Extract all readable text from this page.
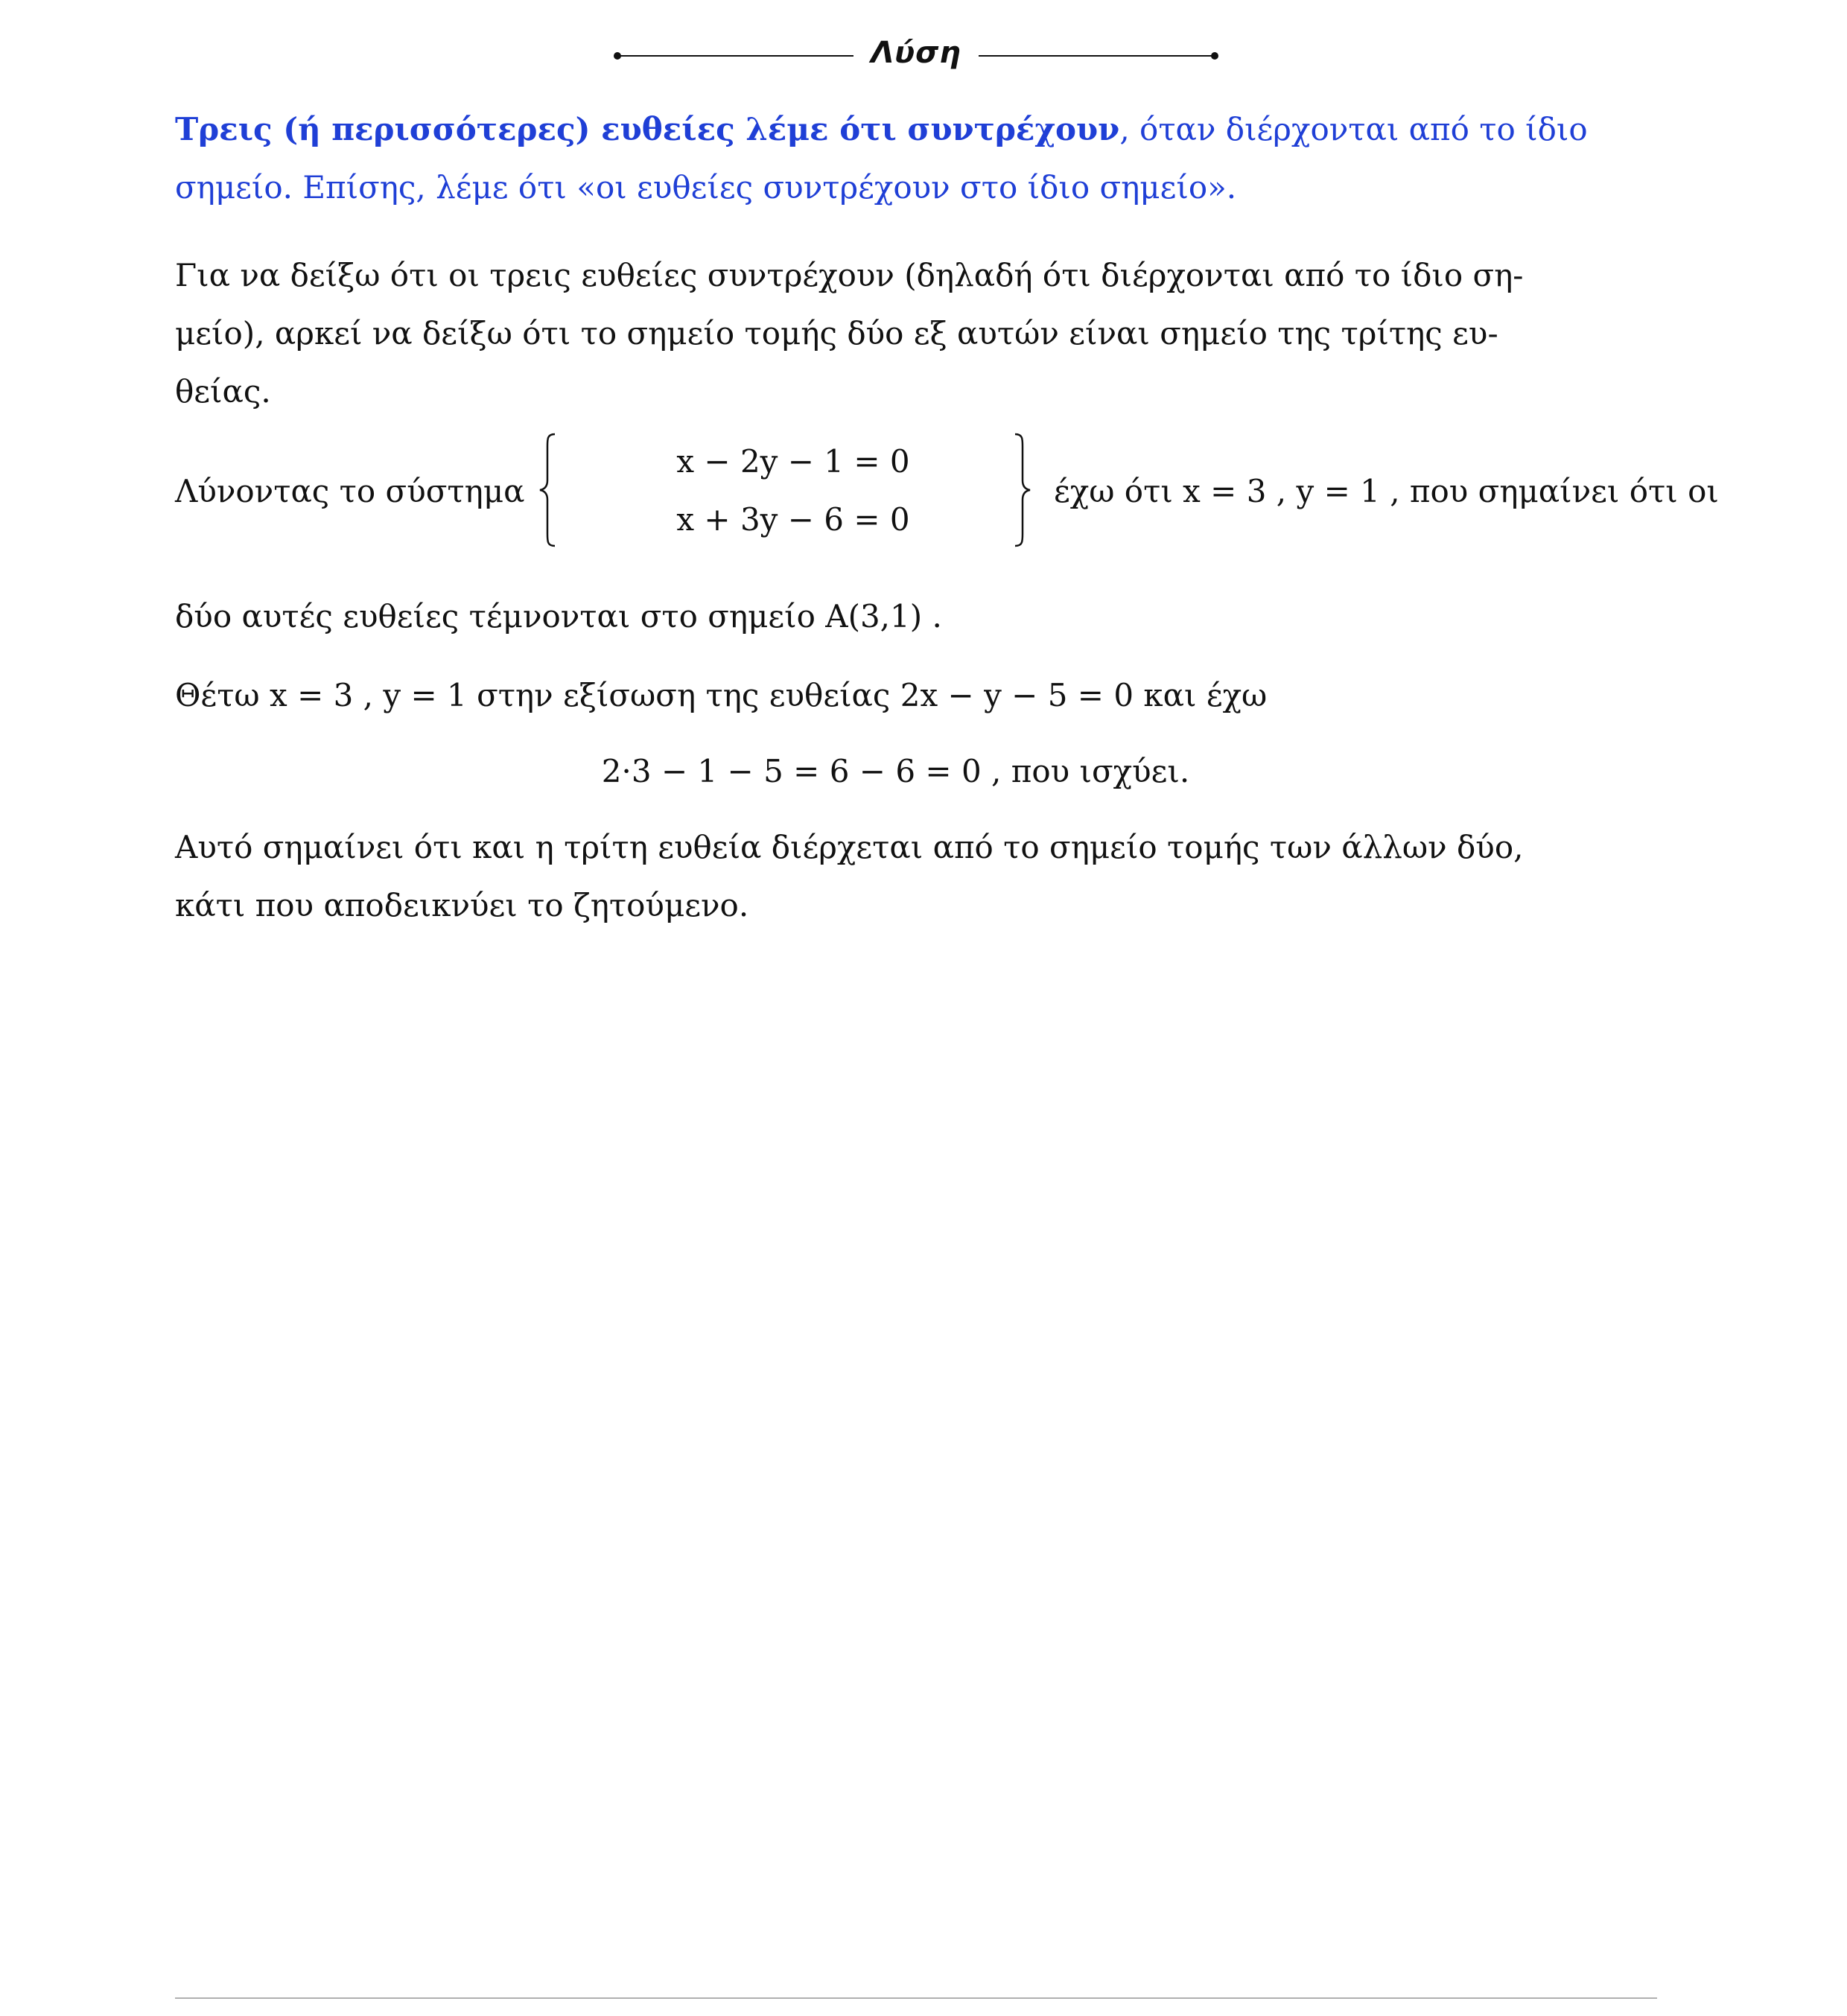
Λύση

Τρεις (ή περισσότερες) ευθείες λέμε ότι συντρέχουν, όταν διέρχονται από το ίδιο σημείο. Επίσης, λέμε ότι «οι ευθείες συντρέχουν στο ίδιο σημείο».

Για να δείξω ότι οι τρεις ευθείες συντρέχουν (δηλαδή ότι διέρχονται από το ίδιο ση-
μείο), αρκεί να δείξω ότι το σημείο τομής δύο εξ αυτών είναι σημείο της τρίτης ευ-
θείας.

Λύνοντας το σύστημα
x − 2y − 1 = 0
x + 3y − 6 = 0
έχω ότι x = 3 , y = 1 , που σημαίνει ότι οι

δύο αυτές ευθείες τέμνονται στο σημείο A(3,1) .

Θέτω x = 3 , y = 1 στην εξίσωση της ευθείας 2x − y − 5 = 0 και έχω

2·3 − 1 − 5 = 6 − 6 = 0 , που ισχύει.

Αυτό σημαίνει ότι και η τρίτη ευθεία διέρχεται από το σημείο τομής των άλλων δύο,
κάτι που αποδεικνύει το ζητούμενο.
